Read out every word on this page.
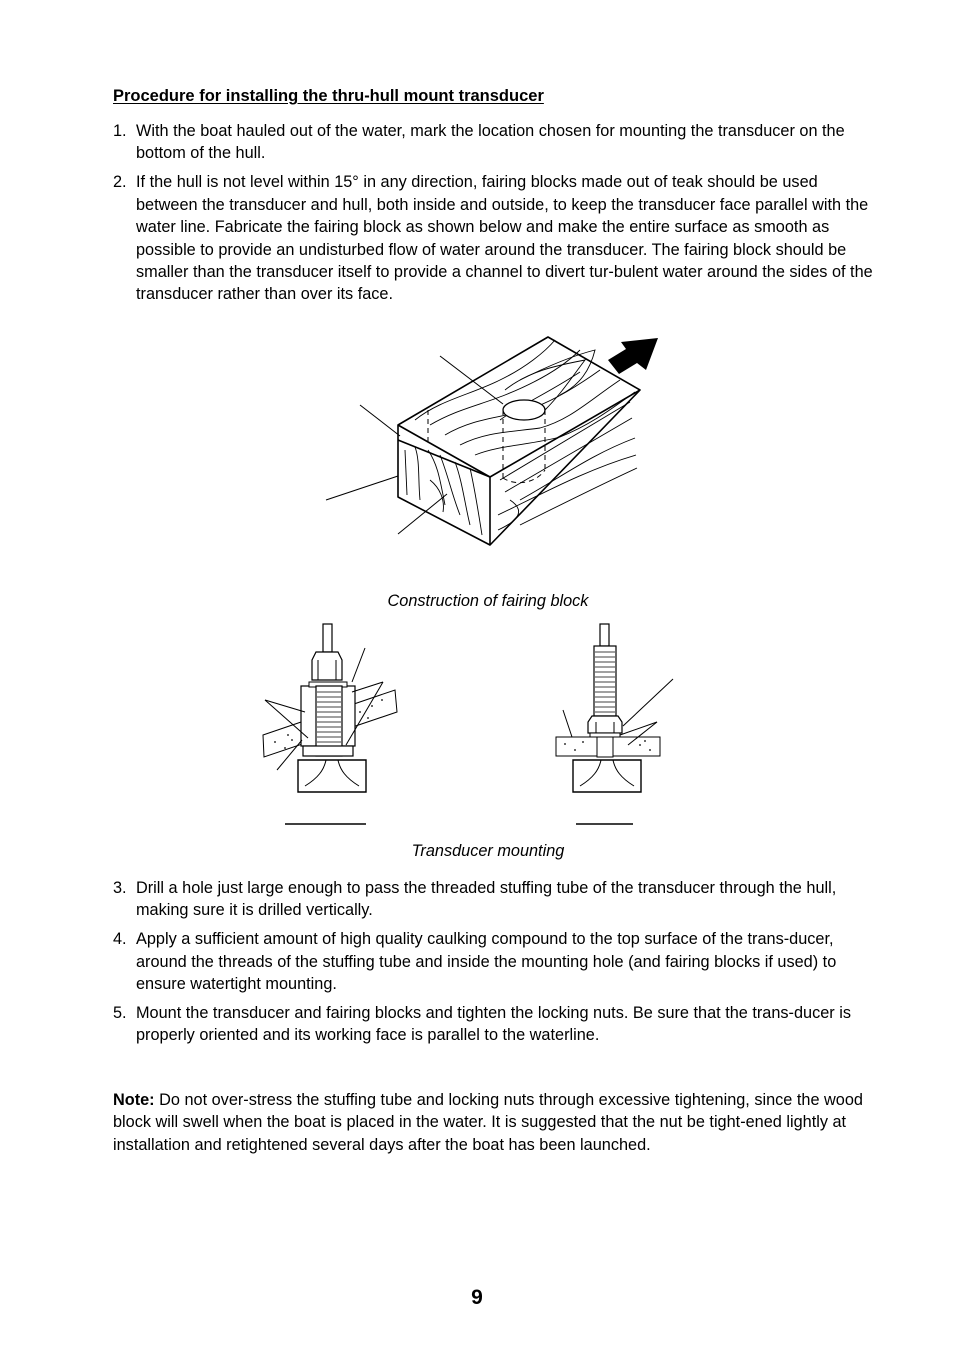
Procedure for installing the thru-hull mount transducer
1. With the boat hauled out of the water, mark the location chosen for mounting the transducer on the bottom of the hull.
2. If the hull is not level within 15° in any direction, fairing blocks made out of teak should be used between the transducer and hull, both inside and outside, to keep the transducer face parallel with the water line. Fabricate the fairing block as shown below and make the entire surface as smooth as possible to provide an undisturbed flow of water around the transducer. The fairing block should be smaller than the transducer itself to provide a channel to divert tur-bulent water around the sides of the transducer rather than over its face.
Construction of fairing block
Transducer mounting
3. Drill a hole just large enough to pass the threaded stuffing tube of the transducer through the hull, making sure it is drilled vertically.
4. Apply a sufficient amount of high quality caulking compound to the top surface of the trans-ducer, around the threads of the stuffing tube and inside the mounting hole (and fairing blocks if used) to ensure watertight mounting.
5. Mount the transducer and fairing blocks and tighten the locking nuts. Be sure that the trans-ducer is properly oriented and its working face is parallel to the waterline.
Note: Do not over-stress the stuffing tube and locking nuts through excessive tightening, since the wood block will swell when the boat is placed in the water. It is suggested that the nut be tight-ened lightly at installation and retightened several days after the boat has been launched.
9
